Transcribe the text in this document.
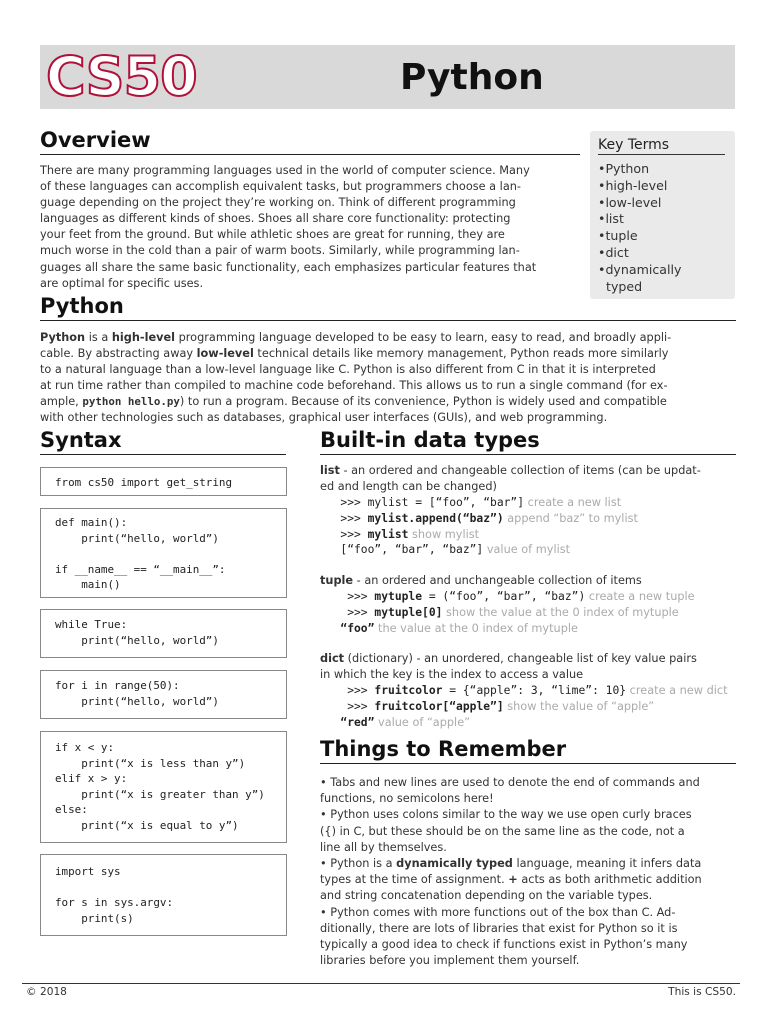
CS50	Python
Overview
There are many programming languages used in the world of computer science. Many
of these languages can accomplish equivalent tasks, but programmers choose a lan-
guage depending on the project they’re working on. Think of different programming
languages as different kinds of shoes. Shoes all share core functionality: protecting
your feet from the ground. But while athletic shoes are great for running, they are
much worse in the cold than a pair of warm boots. Similarly, while programming lan-
guages all share the same basic functionality, each emphasizes particular features that
are optimal for specific uses.
Key Terms
• Python
• high-level
• low-level
• list
• tuple
• dict
• dynamically
typed
Python
Python is a high-level programming language developed to be easy to learn, easy to read, and broadly appli-
cable. By abstracting away low-level technical details like memory management, Python reads more similarly
to a natural language than a low-level language like C. Python is also different from C in that it is interpreted
at run time rather than compiled to machine code beforehand. This allows us to run a single command (for ex-
ample, python hello.py) to run a program. Because of its convenience, Python is widely used and compatible
with other technologies such as databases, graphical user interfaces (GUIs), and web programming.
Syntax
from cs50 import get_string
def main():
print(“hello, world”)

if __name__ == “__main__”:
main()
while True:
print(“hello, world”)
for i in range(50):
print(“hello, world”)
if x < y:
print(“x is less than y”)
elif x > y:
print(“x is greater than y”)
else:
print(“x is equal to y”)
import sys

for s in sys.argv:
print(s)
Built-in data types
list - an ordered and changeable collection of items (can be updat-
ed and length can be changed)
>>> mylist = [“foo”, “bar”] create a new list
>>> mylist.append(“baz”) append “baz” to mylist
>>> mylist show mylist
[“foo”, “bar”, “baz”] value of mylist
tuple - an ordered and unchangeable collection of items
>>> mytuple = (“foo”, “bar”, “baz”) create a new tuple
>>> mytuple[0] show the value at the 0 index of mytuple
“foo” the value at the 0 index of mytuple
dict (dictionary) - an unordered, changeable list of key value pairs
in which the key is the index to access a value
>>> fruitcolor = {“apple”: 3, “lime”: 10} create a new dict
>>> fruitcolor[“apple”] show the value of “apple”
“red” value of “apple”
Things to Remember
• Tabs and new lines are used to denote the end of commands and
functions, no semicolons here!
• Python uses colons similar to the way we use open curly braces
({) in C, but these should be on the same line as the code, not a
line all by themselves.
• Python is a dynamically typed language, meaning it infers data
types at the time of assignment. + acts as both arithmetic addition
and string concatenation depending on the variable types.
• Python comes with more functions out of the box than C. Ad-
ditionally, there are lots of libraries that exist for Python so it is
typically a good idea to check if functions exist in Python’s many
libraries before you implement them yourself.
© 2018	This is CS50.
